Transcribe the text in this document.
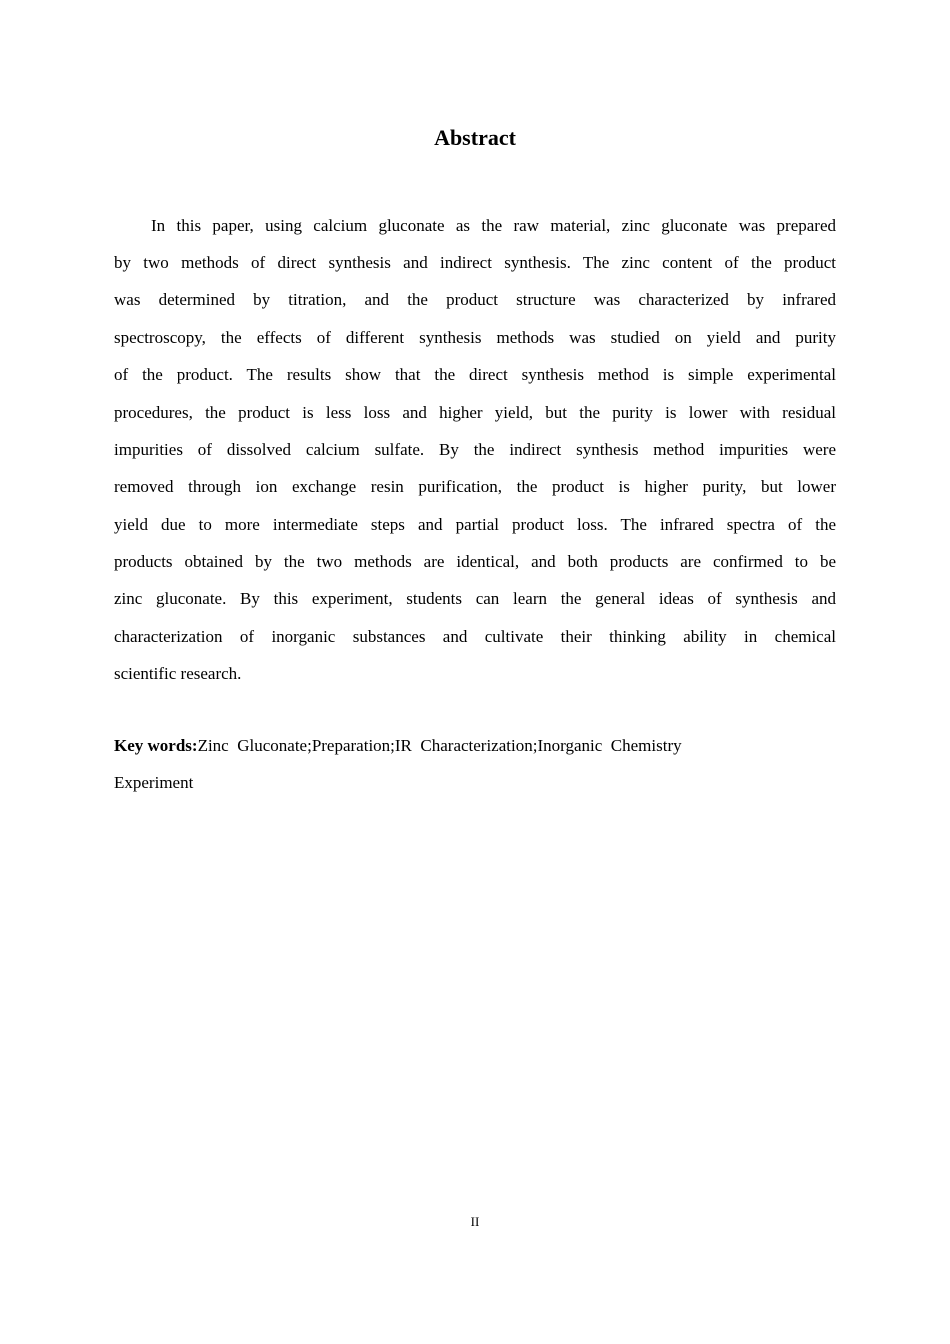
Abstract
In this paper, using calcium gluconate as the raw material, zinc gluconate was prepared
by two methods of direct synthesis and indirect synthesis. The zinc content of the product
was determined by titration, and the product structure was characterized by infrared
spectroscopy, the effects of different synthesis methods was studied on yield and purity
of the product. The results show that the direct synthesis method is simple experimental
procedures, the product is less loss and higher yield, but the purity is lower with residual
impurities of dissolved calcium sulfate. By the indirect synthesis method impurities were
removed through ion exchange resin purification, the product is higher purity, but lower
yield due to more intermediate steps and partial product loss. The infrared spectra of the
products obtained by the two methods are identical, and both products are confirmed to be
zinc gluconate. By this experiment, students can learn the general ideas of synthesis and
characterization of inorganic substances and cultivate their thinking ability in chemical
scientific research.
Key words:Zinc  Gluconate;Preparation;IR  Characterization;Inorganic  Chemistry
Experiment
II
